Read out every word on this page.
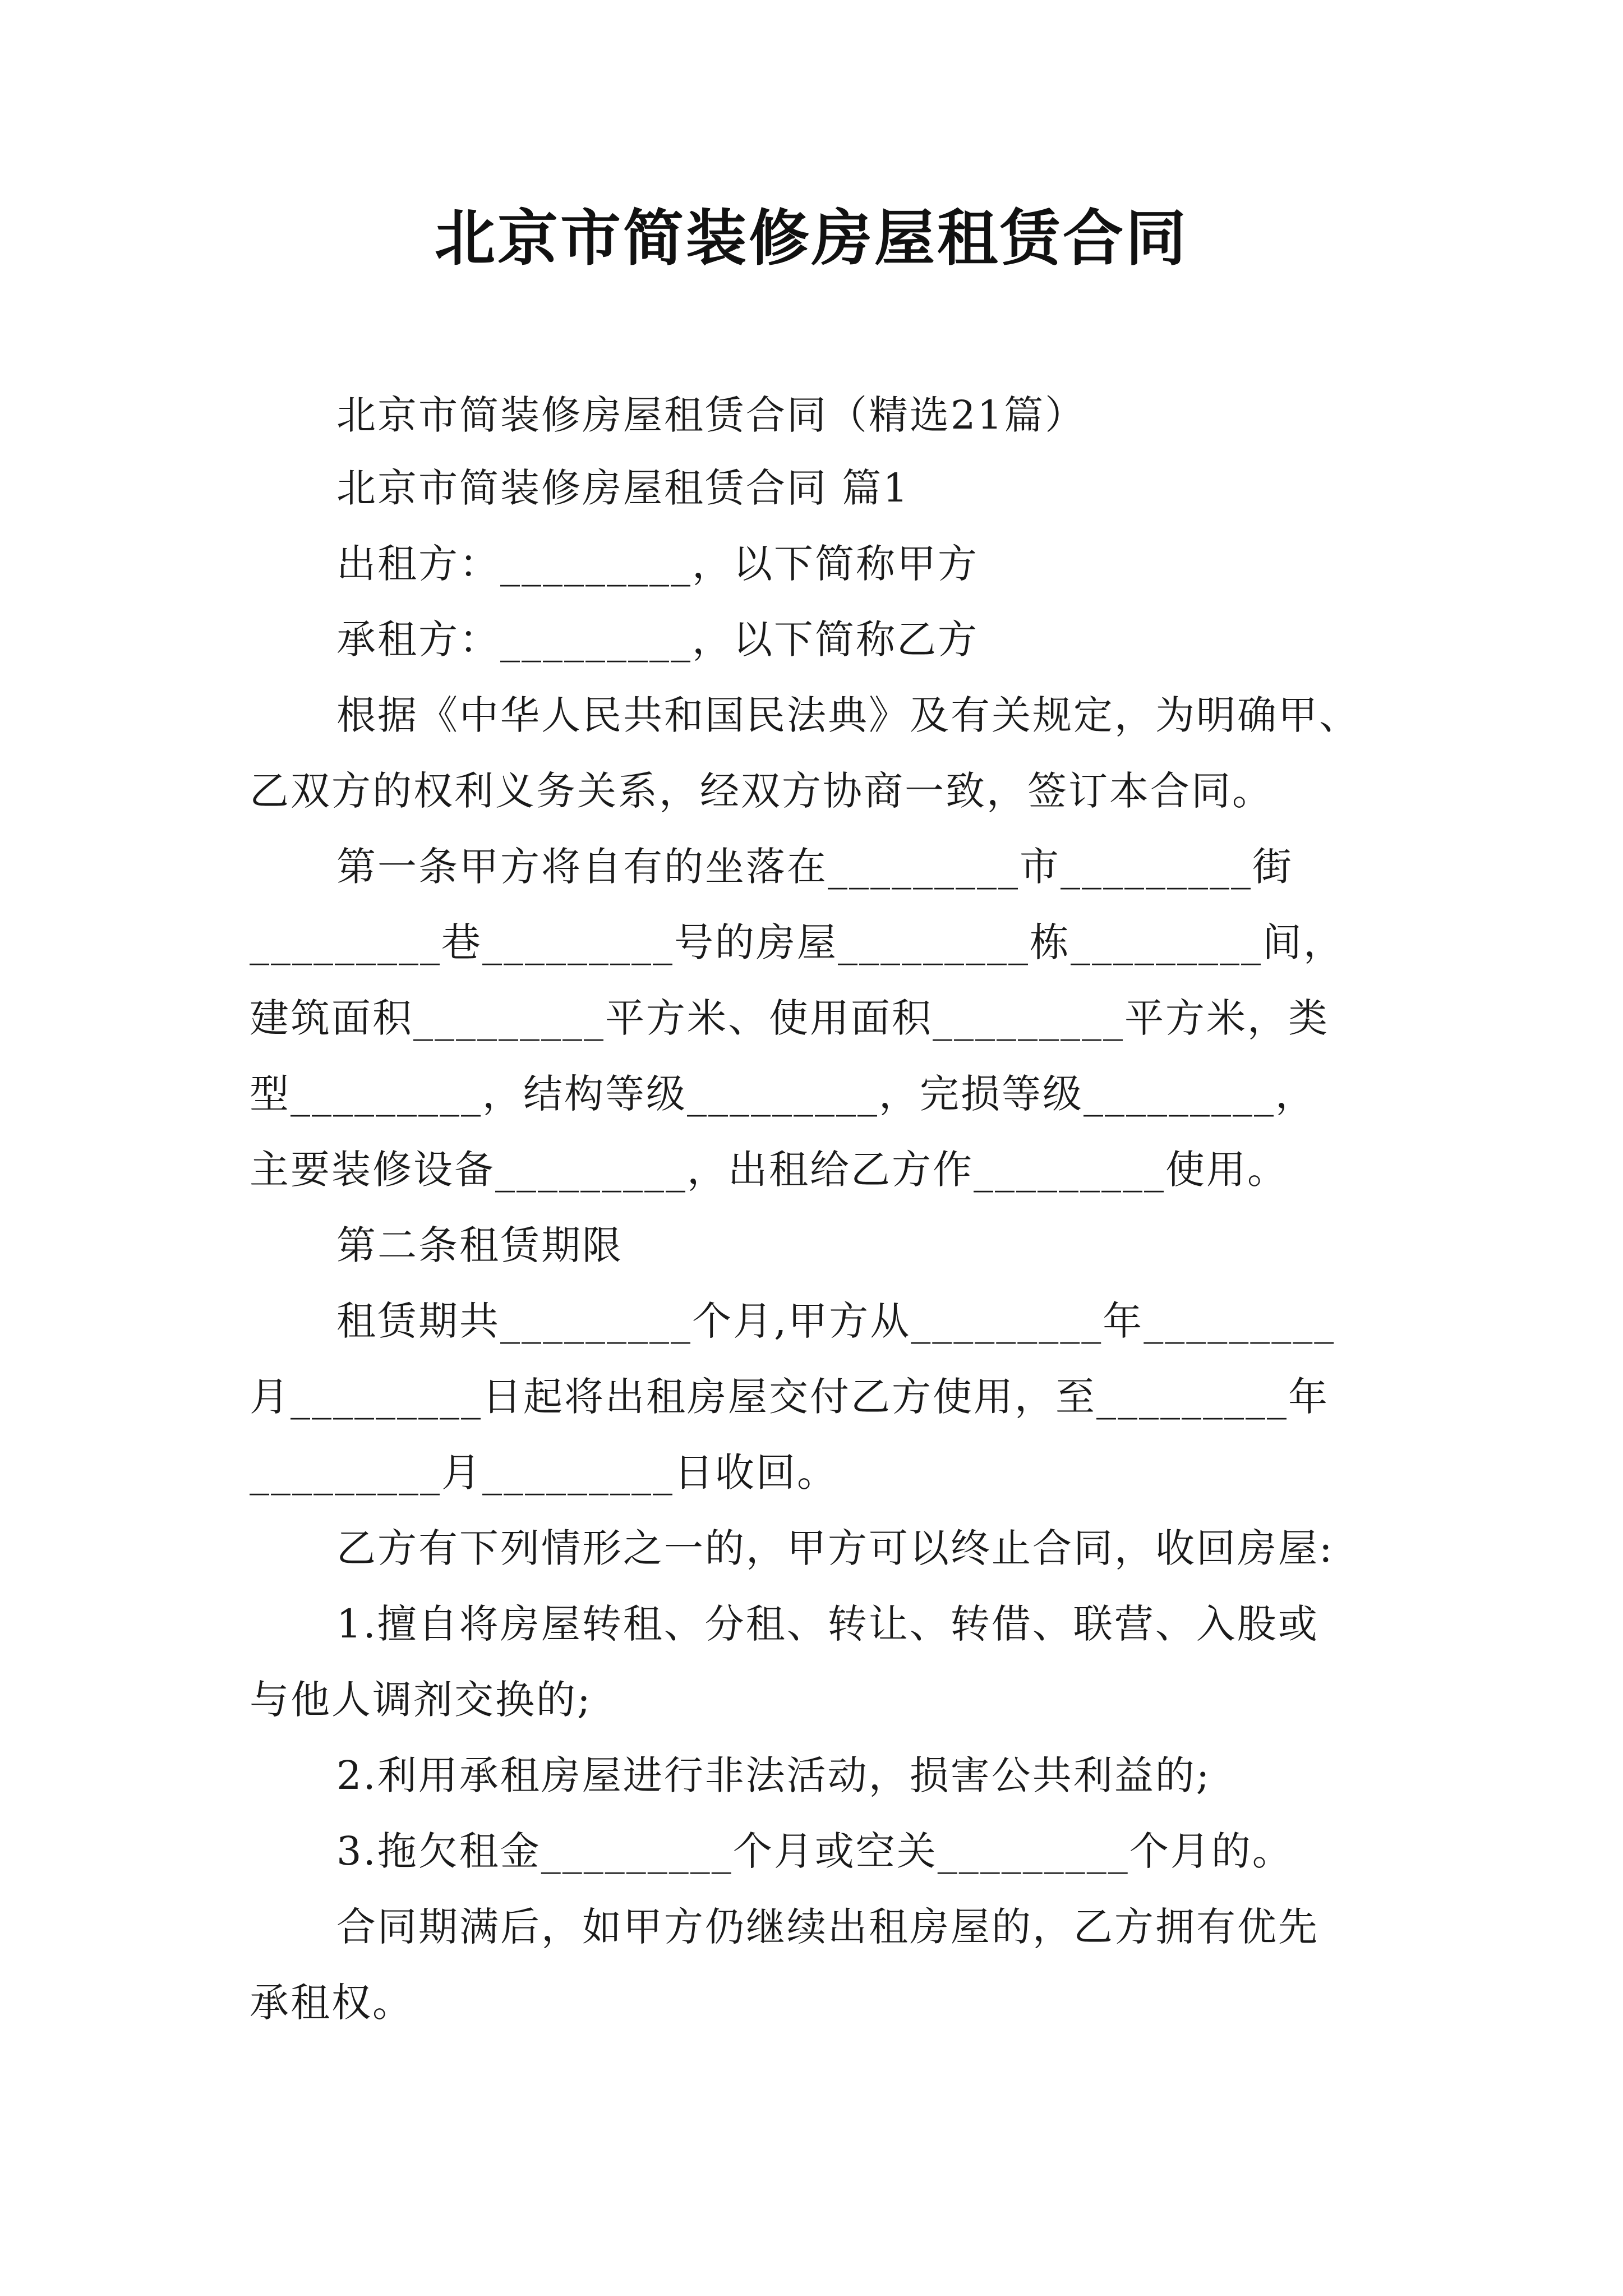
北京市简装修房屋租赁合同
北京市简装修房屋租赁合同（精选21篇）
北京市简装修房屋租赁合同 篇1
出租方：_________，以下简称甲方
承租方：_________，以下简称乙方
根据《中华人民共和国民法典》及有关规定，为明确甲、
乙双方的权利义务关系，经双方协商一致，签订本合同。
第一条甲方将自有的坐落在_________市_________街
_________巷_________号的房屋_________栋_________间，
建筑面积_________平方米、使用面积_________平方米，类
型_________，结构等级_________，完损等级_________，
主要装修设备_________，出租给乙方作_________使用。
第二条租赁期限
租赁期共_________个月,甲方从_________年_________
月_________日起将出租房屋交付乙方使用，至_________年
_________月_________日收回。
乙方有下列情形之一的，甲方可以终止合同，收回房屋:
1.擅自将房屋转租、分租、转让、转借、联营、入股或
与他人调剂交换的;
2.利用承租房屋进行非法活动，损害公共利益的;
3.拖欠租金_________个月或空关_________个月的。
合同期满后，如甲方仍继续出租房屋的，乙方拥有优先
承租权。
